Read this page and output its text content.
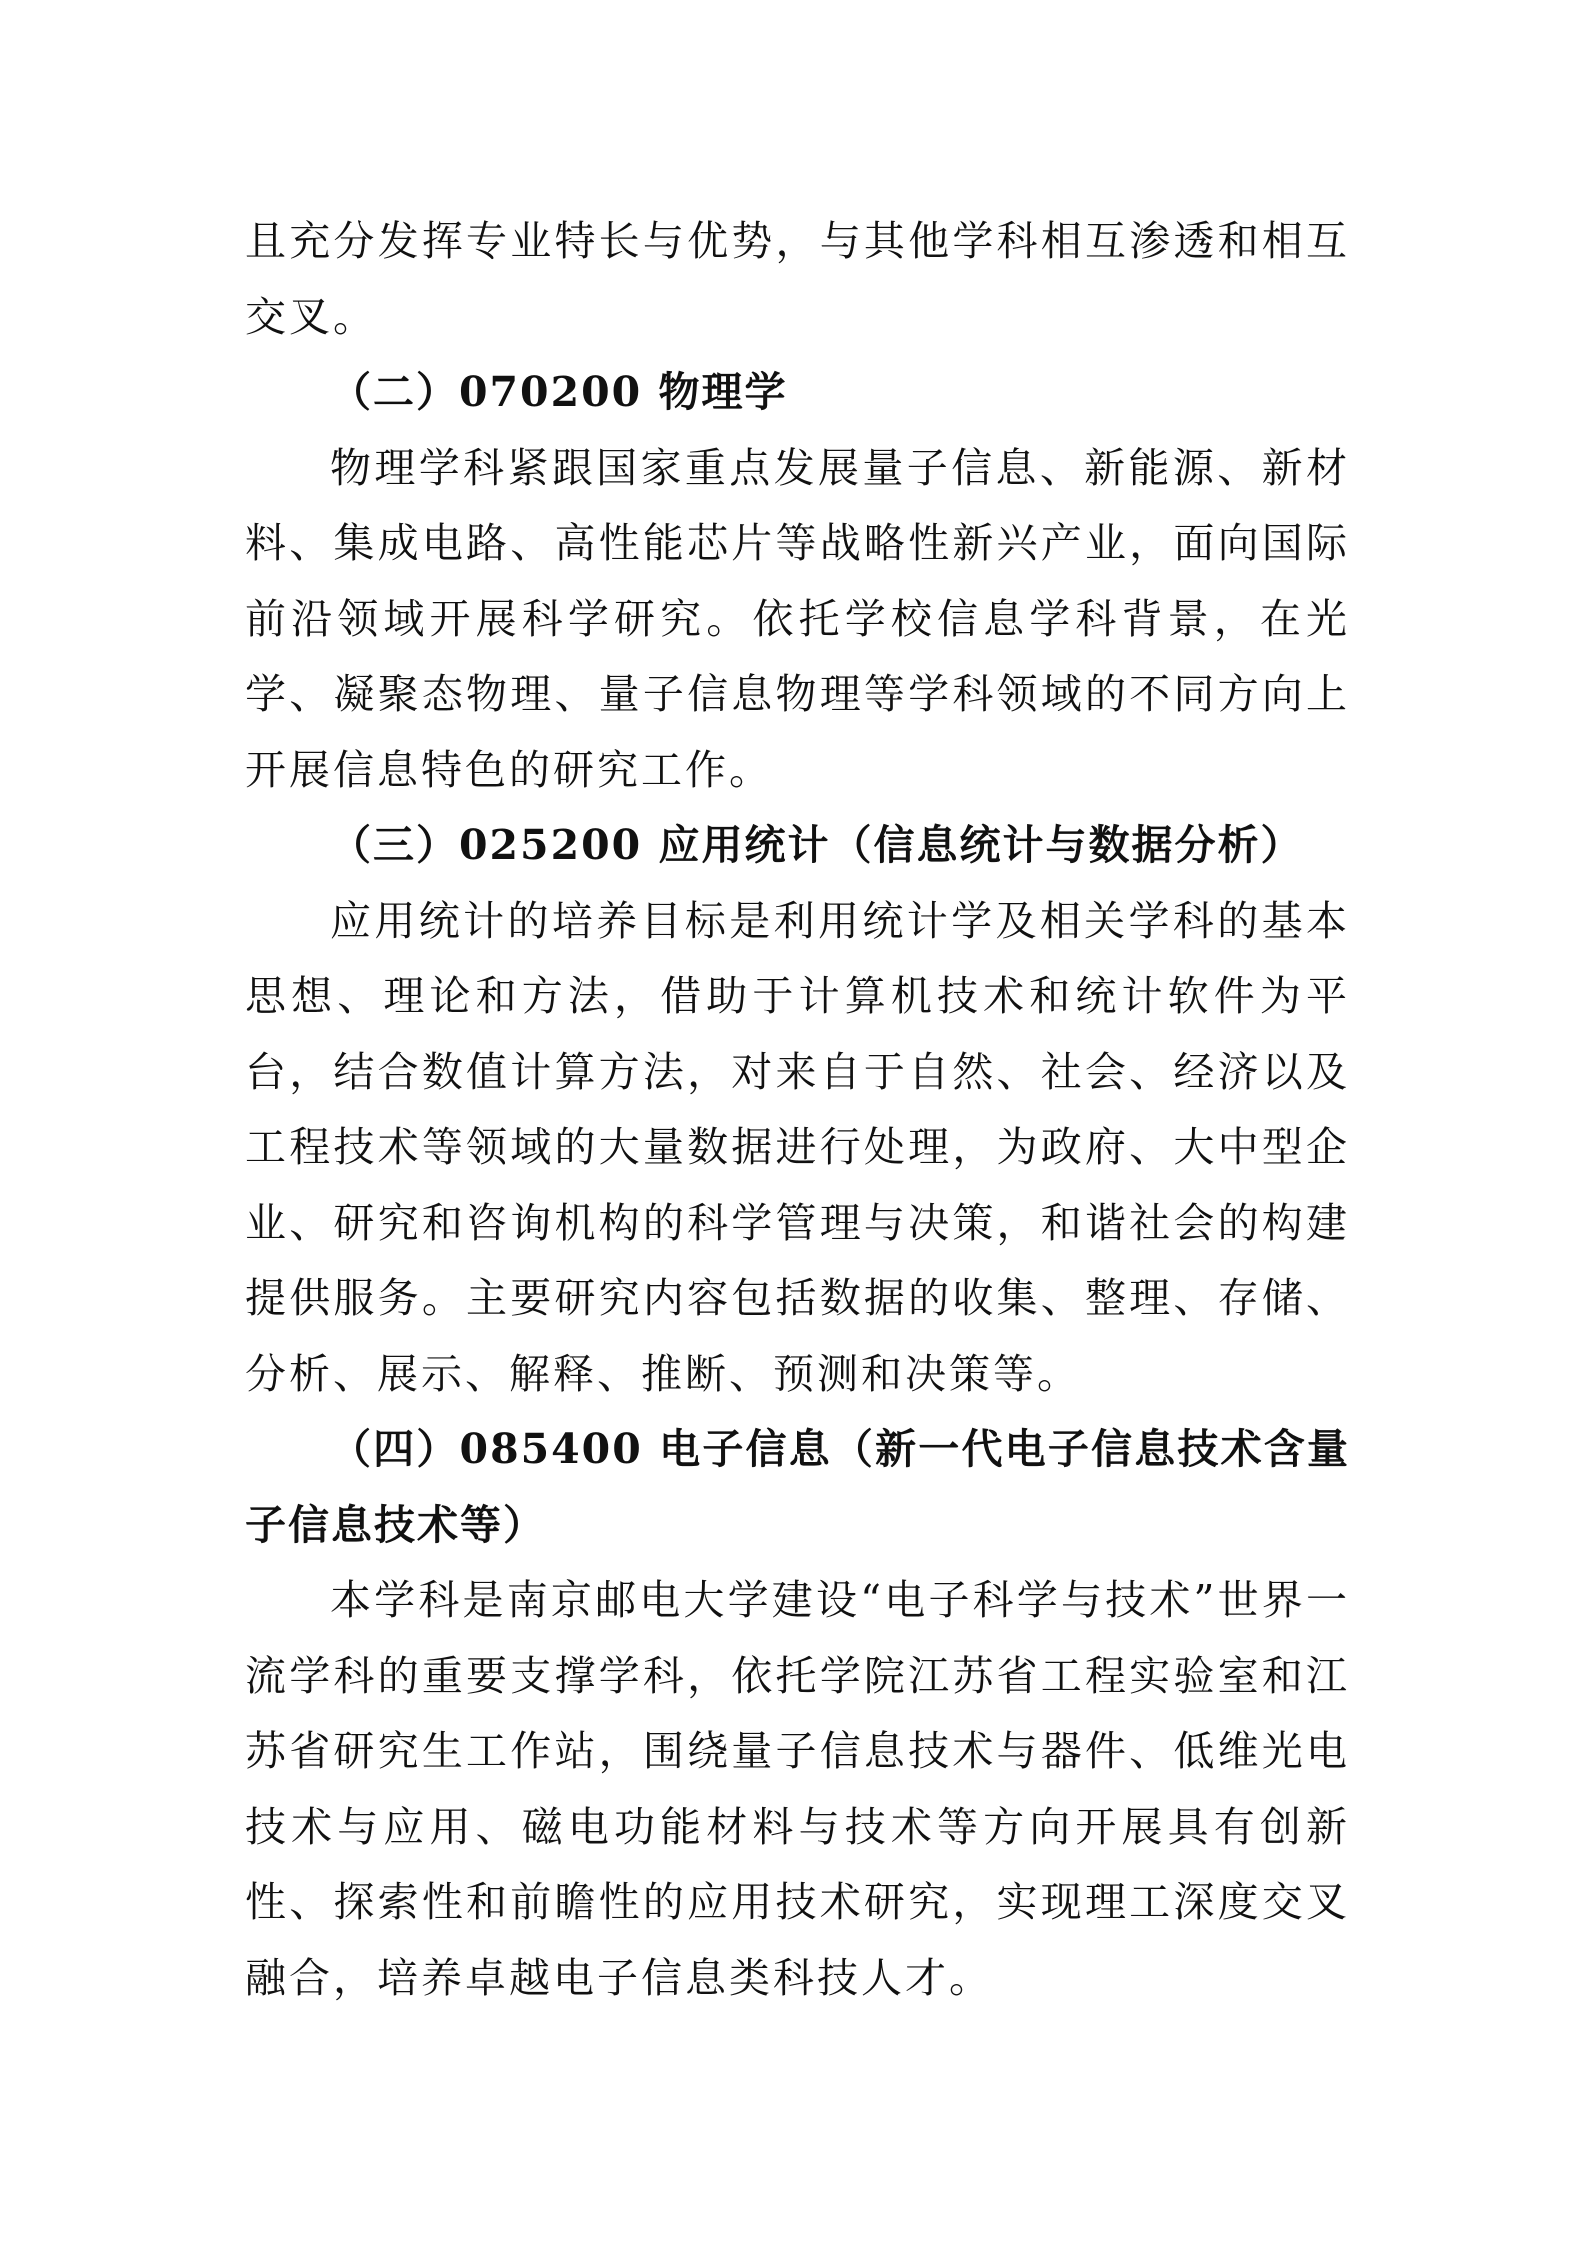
且充分发挥专业特长与优势，与其他学科相互渗透和相互交叉。

（二）070200 物理学

物理学科紧跟国家重点发展量子信息、新能源、新材料、集成电路、高性能芯片等战略性新兴产业，面向国际前沿领域开展科学研究。依托学校信息学科背景，在光学、凝聚态物理、量子信息物理等学科领域的不同方向上开展信息特色的研究工作。

（三）025200 应用统计（信息统计与数据分析）

应用统计的培养目标是利用统计学及相关学科的基本思想、理论和方法，借助于计算机技术和统计软件为平台，结合数值计算方法，对来自于自然、社会、经济以及工程技术等领域的大量数据进行处理，为政府、大中型企业、研究和咨询机构的科学管理与决策，和谐社会的构建提供服务。主要研究内容包括数据的收集、整理、存储、分析、展示、解释、推断、预测和决策等。

（四）085400 电子信息（新一代电子信息技术含量子信息技术等）

本学科是南京邮电大学建设“电子科学与技术”世界一流学科的重要支撑学科，依托学院江苏省工程实验室和江苏省研究生工作站，围绕量子信息技术与器件、低维光电技术与应用、磁电功能材料与技术等方向开展具有创新性、探索性和前瞻性的应用技术研究，实现理工深度交叉融合，培养卓越电子信息类科技人才。
